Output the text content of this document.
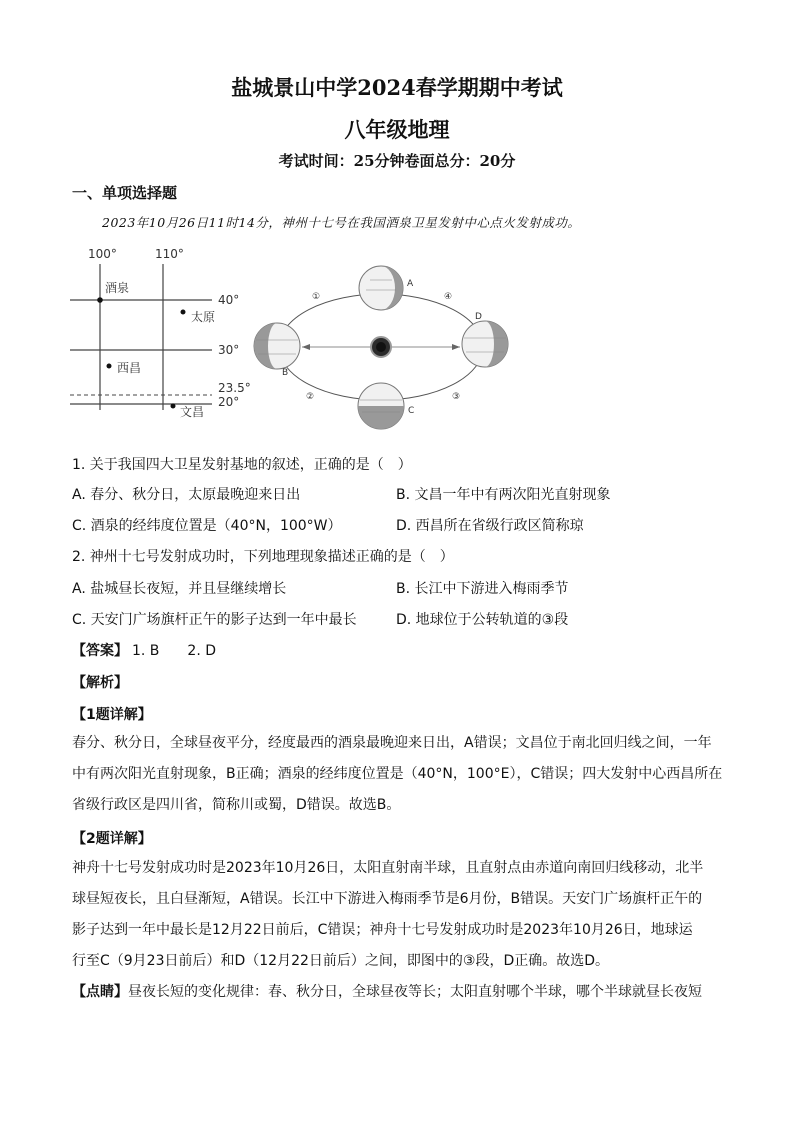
盐城景山中学2024春学期期中考试
八年级地理
考试时间：25分钟卷面总分：20分
一、单项选择题
2023年10月26日11时14分，神州十七号在我国酒泉卫星发射中心点火发射成功。
100°	110°
40°
30°
23.5°
20°
酒泉
太原
西昌
文昌
A
B
C
D
①
②	③
④
1. 关于我国四大卫星发射基地的叙述，正确的是（　）
A. 春分、秋分日，太原最晚迎来日出	B. 文昌一年中有两次阳光直射现象
C. 酒泉的经纬度位置是（40°N，100°W）	D. 西昌所在省级行政区简称琼
2. 神州十七号发射成功时，下列地理现象描述正确的是（　）
A. 盐城昼长夜短，并且昼继续增长	B. 长江中下游进入梅雨季节
C. 天安门广场旗杆正午的影子达到一年中最长	D. 地球位于公转轨道的③段
【答案】 1. B　　2. D
【解析】
【1题详解】
春分、秋分日，全球昼夜平分，经度最西的酒泉最晚迎来日出，A错误；文昌位于南北回归线之间，一年
中有两次阳光直射现象，B正确；酒泉的经纬度位置是（40°N，100°E），C错误；四大发射中心西昌所在
省级行政区是四川省，简称川或蜀，D错误。故选B。
【2题详解】
神舟十七号发射成功时是2023年10月26日，太阳直射南半球，且直射点由赤道向南回归线移动，北半
球昼短夜长，且白昼渐短，A错误。长江中下游进入梅雨季节是6月份，B错误。天安门广场旗杆正午的
影子达到一年中最长是12月22日前后，C错误；神舟十七号发射成功时是2023年10月26日，地球运
行至C（9月23日前后）和D（12月22日前后）之间，即图中的③段，D正确。故选D。
【点睛】昼夜长短的变化规律：春、秋分日，全球昼夜等长；太阳直射哪个半球，哪个半球就昼长夜短
